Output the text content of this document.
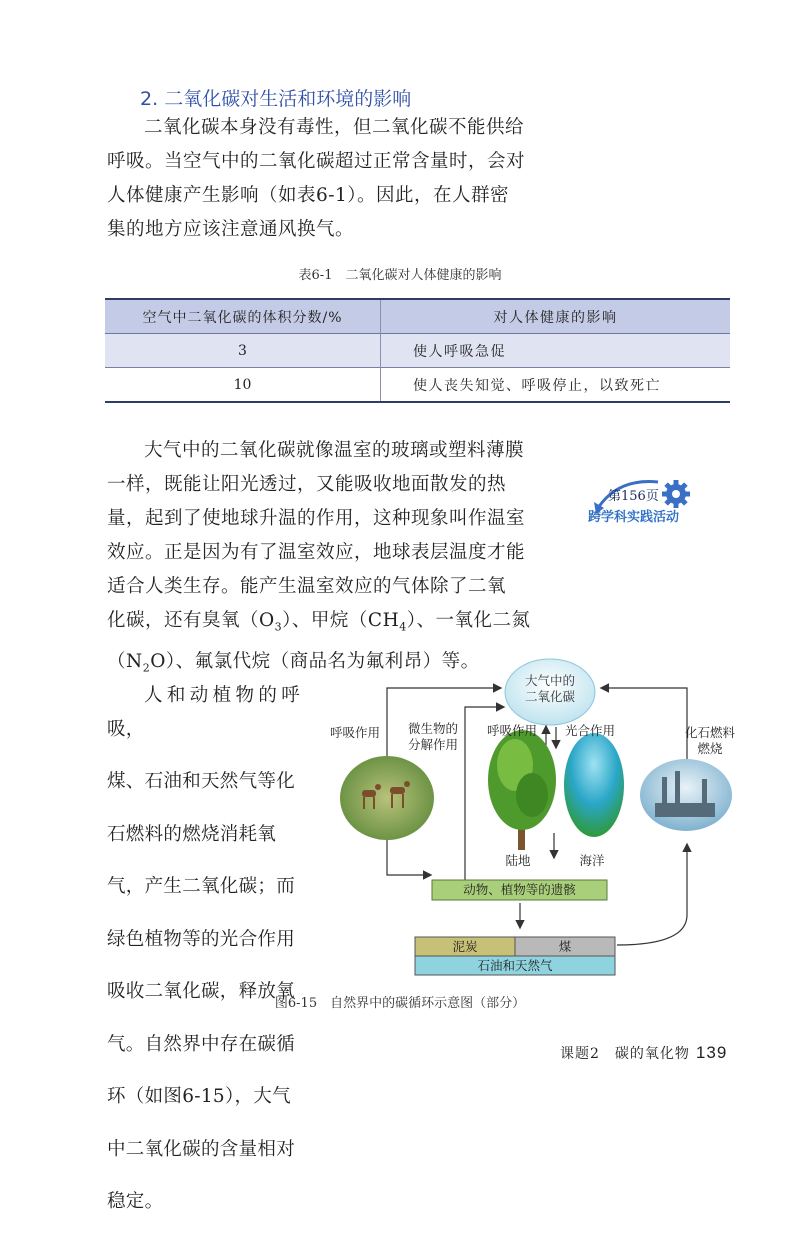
2. 二氧化碳对生活和环境的影响

二氧化碳本身没有毒性，但二氧化碳不能供给

呼吸。当空气中的二氧化碳超过正常含量时，会对

人体健康产生影响（如表6-1）。因此，在人群密

集的地方应该注意通风换气。

表6-1　二氧化碳对人体健康的影响
空气中二氧化碳的体积分数/%	对人体健康的影响
3	使人呼吸急促
10	使人丧失知觉、呼吸停止，以致死亡

大气中的二氧化碳就像温室的玻璃或塑料薄膜

一样，既能让阳光透过，又能吸收地面散发的热

量，起到了使地球升温的作用，这种现象叫作温室

效应。正是因为有了温室效应，地球表层温度才能

适合人类生存。能产生温室效应的气体除了二氧

化碳，还有臭氧$(O_3)$、甲烷$(CH_4)$、一氧化二氮

$(N_2O)$、氟氯代烷（商品名为氟利昂）等。

第156页
跨学科实践活动

人和动植物的呼吸，

煤、石油和天然气等化

石燃料的燃烧消耗氧

气，产生二氧化碳；而

绿色植物等的光合作用

吸收二氧化碳，释放氧

气。自然界中存在碳循

环（如图6-15），大气

中二氧化碳的含量相对

稳定。

大气中的
二氧化碳
呼吸作用	微生物的
分解作用
呼吸作用	光合作用	化石燃料
燃烧
陆地	海洋
动物、植物等的遗骸
泥炭	煤
石油和天然气
图6-15　自然界中的碳循环示意图（部分）
课题2　碳的氧化物 139
